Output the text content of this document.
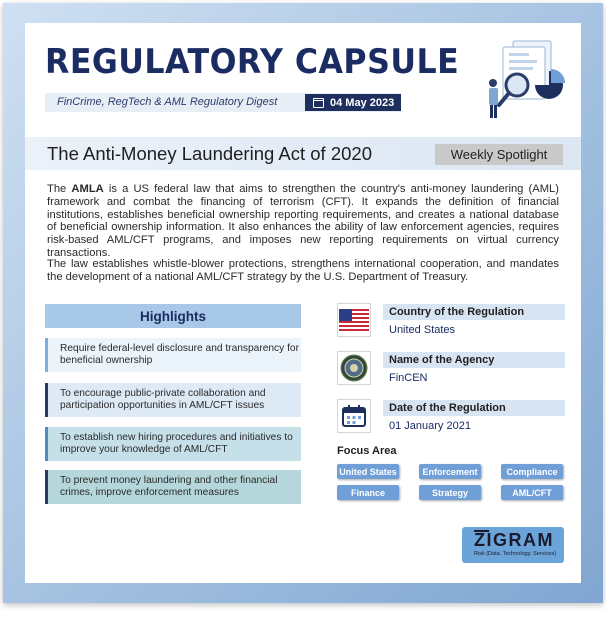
REGULATORY CAPSULE
FinCrime, RegTech & AML Regulatory Digest	04 May 2023
The Anti-Money Laundering Act of 2020	Weekly Spotlight
The AMLA is a US federal law that aims to strengthen the country's anti-money laundering (AML) framework and combat the financing of terrorism (CFT). It expands the definition of financial institutions, establishes beneficial ownership reporting requirements, and creates a national database of beneficial ownership information. It also enhances the ability of law enforcement agencies, requires risk-based AML/CFT programs, and imposes new reporting requirements on virtual currency transactions.
The law establishes whistle-blower protections, strengthens international cooperation, and mandates the development of a national AML/CFT strategy by the U.S. Department of Treasury.
Highlights
Require federal-level disclosure and transparency for beneficial ownership
To encourage public-private collaboration and participation opportunities in AML/CFT issues
To establish new hiring procedures and initiatives to improve your knowledge of AML/CFT
To prevent money laundering and other financial crimes, improve enforcement measures
Country of the Regulation
United States
Name of the Agency
FinCEN
Date of the Regulation
01 January 2021
Focus Area
United States	Enforcement	Compliance
Finance	Strategy	AML/CFT
ZIGRAM
Risk (Data. Technology. Services)
